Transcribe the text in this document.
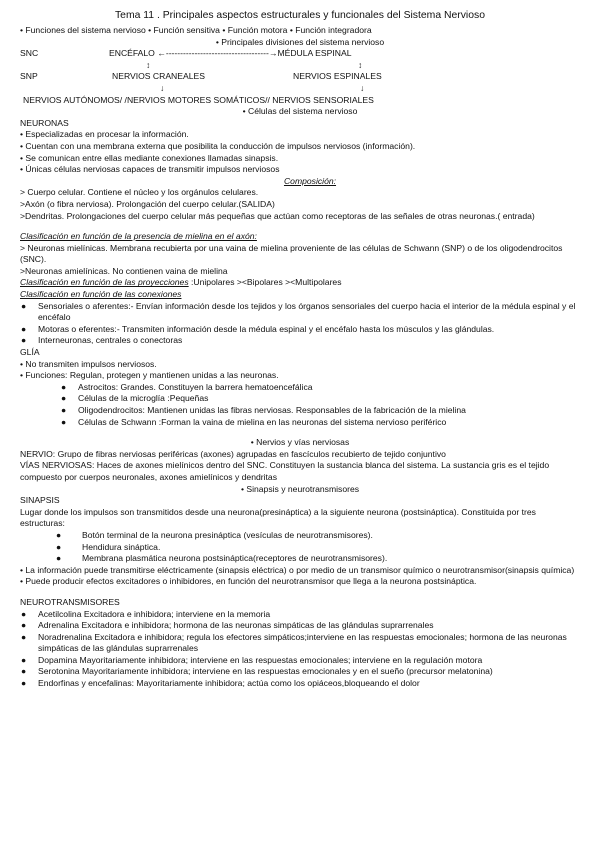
Tema 11 . Principales aspectos estructurales y funcionales del Sistema Nervioso
• Funciones del sistema nervioso • Función sensitiva • Función motora • Función integradora
• Principales divisiones del sistema nervioso
SNC	ENCÉFALO ←------------------------------------→MÉDULA ESPINAL
↕	↕
SNP	NERVIOS CRANEALES	NERVIOS ESPINALES
↓	↓
NERVIOS AUTÓNOMOS/ /NERVIOS MOTORES SOMÁTICOS// NERVIOS SENSORIALES
• Células del sistema nervioso
NEURONAS
• Especializadas en procesar la información.
• Cuentan con una membrana externa que posibilita la conducción de impulsos nerviosos (información).
• Se comunican entre ellas mediante conexiones llamadas sinapsis.
• Únicas células nerviosas capaces de transmitir impulsos nerviosos
Composición:
> Cuerpo celular. Contiene el núcleo y los orgánulos celulares.
>Axón (o fibra nerviosa). Prolongación del cuerpo celular.(SALIDA)
>Dendritas. Prolongaciones del cuerpo celular más pequeñas que actúan como receptoras de las señales de otras neuronas.( entrada)
Clasificación en función de la presencia de mielina en el axón:
> Neuronas mielínicas. Membrana recubierta por una vaina de mielina proveniente de las células de Schwann (SNP) o de los oligodendrocitos (SNC).
>Neuronas amielínicas. No contienen vaina de mielina
Clasificación en función de las proyecciones :Unipolares ><Bipolares ><Multipolares
Clasificación en función de las conexiones
● Sensoriales o aferentes:- Envían información desde los tejidos y los órganos sensoriales del cuerpo hacia el interior de la médula espinal y el encéfalo
● Motoras o eferentes:- Transmiten información desde la médula espinal y el encéfalo hasta los músculos y las glándulas.
● Interneuronas, centrales o conectoras
GLÍA
• No transmiten impulsos nerviosos.
• Funciones: Regulan, protegen y mantienen unidas a las neuronas.
● Astrocitos: Grandes. Constituyen la barrera hematoencefálica
● Células de la microglía :Pequeñas
● Oligodendrocitos: Mantienen unidas las fibras nerviosas. Responsables de la fabricación de la mielina
● Células de Schwann :Forman la vaina de mielina en las neuronas del sistema nervioso periférico
• Nervios y vías nerviosas
NERVIO: Grupo de fibras nerviosas periféricas (axones) agrupadas en fascículos recubierto de tejido conjuntivo
VÍAS NERVIOSAS: Haces de axones mielínicos dentro del SNC. Constituyen la sustancia blanca del sistema. La sustancia gris es el tejido compuesto por cuerpos neuronales, axones amielínicos y dendritas
• Sinapsis y neurotransmisores
SINAPSIS
Lugar donde los impulsos son transmitidos desde una neurona(presináptica) a la siguiente neurona (postsináptica). Constituida por tres estructuras:
● Botón terminal de la neurona presináptica (vesículas de neurotransmisores).
● Hendidura sináptica.
● Membrana plasmática neurona postsináptica(receptores de neurotransmisores).
• La información puede transmitirse eléctricamente (sinapsis eléctrica) o por medio de un transmisor químico o neurotransmisor(sinapsis química)
• Puede producir efectos excitadores o inhibidores, en función del neurotransmisor que llega a la neurona postsináptica.
NEUROTRANSMISORES
● Acetilcolina Excitadora e inhibidora; interviene en la memoria
● Adrenalina Excitadora e inhibidora; hormona de las neuronas simpáticas de las glándulas suprarrenales
● Noradrenalina Excitadora e inhibidora; regula los efectores simpáticos;interviene en las respuestas emocionales; hormona de las neuronas simpáticas de las glándulas suprarrenales
● Dopamina Mayoritariamente inhibidora; interviene en las respuestas emocionales; interviene en la regulación motora
● Serotonina Mayoritariamente inhibidora; interviene en las respuestas emocionales y en el sueño (precursor melatonina)
● Endorfinas y encefalinas: Mayoritariamente inhibidora; actúa como los opiáceos,bloqueando el dolor
